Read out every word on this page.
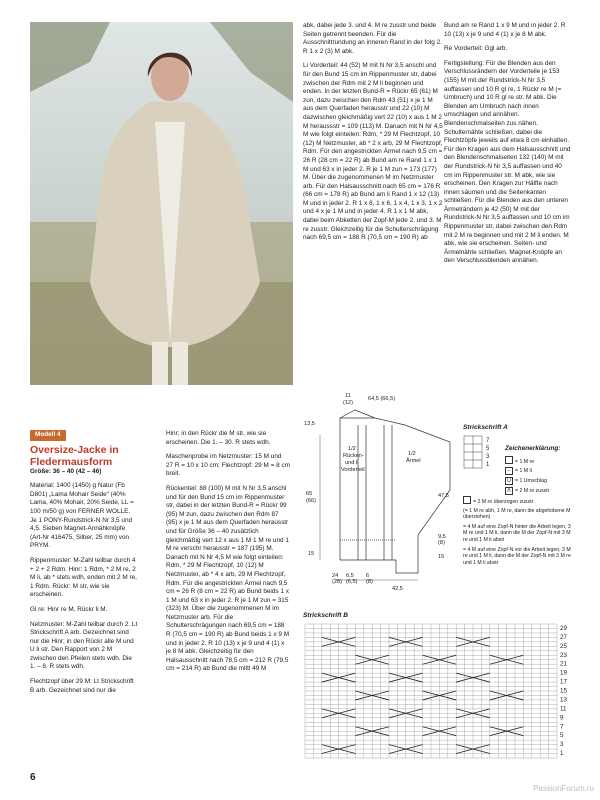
abk, dabei jede 3. und 4. M re zusstr und beide Seiten getrennt beenden. Für die Ausschnittrundung an inneren Rand in der folg 2. R 1 x 2 (3) M abk.

Li Vorderteil: 44 (52) M mit N Nr 3,5 anschl und für den Bund 15 cm im Rippenmuster str, dabei zwischen der Rdm mit 2 M li beginnen und enden. In der letzten Bund-R = Rückr 65 (61) M zun, dazu zwischen den Rdm 43 (51) x je 1 M aus dem Querfaden herausstr und 22 (10) M dazwischen gleichmäßig vert 22 (10) x aus 1 M 2 M heraussstr = 109 (113) M. Danach mit N Nr 4,5 M wie folgt einteilen: Rdm, * 29 M Flechtzopf, 10 (12) M Netzmuster, ab * 2 x arb, 29 M Flechtzopf, Rdm. Für den angestrickten Ärmel nach 9,5 cm = 26 R (28 cm = 22 R) ab Bund am re Rand 1 x 1 M und 63 x in jeder 2. R je 1 M zun = 173 (177) M. Über die zugenommenen M im Netzmuster arb. Für den Halsausschnitt nach 65 cm = 176 R (66 cm = 178 R) ab Bund am li Rand 1 x 12 (13) M und in jeder 2. R 1 x 8, 1 x 6, 1 x 4, 1 x 3, 1 x 2 und 4 x je 1 M und in jeder 4. R 1 x 1 M abk, dabei beim Abketten der Zopf-M jede 2. und 3. M re zusstr. Gleichzeitig für die Schulterschrägung nach 69,5 cm = 188 R (70,5 cm = 190 R) ab

Bund am re Rand 1 x 9 M und in jeder 2. R 10 (13) x je 9 und 4 (1) x je 8 M abk.

Re Vorderteil: Ggl arb.

Fertigstellung: Für die Blenden aus den Verschlussrändern der Vorderteile je 153 (155) M mit der Rundstrick-N Nr 3,5 auffassen und 10 R gl re, 1 Rückr re M (= Umbruch) und 10 R gl re str. M abk. Die Blenden am Umbruch nach innen umschlagen und annähen. Blendenschmalseiten zus nähen. Schulternähte schließen, dabei die Flechtzöpfe jeweils auf etwa 8 cm einhalten. Für den Kragen aus dem Halsausschnitt und den Blendenschmalseiten 132 (140) M mit der Rundstrick-N Nr 3,5 auffassen und 40 cm im Rippenmuster str. M abk, wie sie erscheinen. Den Kragen zur Hälfte nach innen säumen und die Seitenkanten schließen. Für die Blenden aus den unteren Ärmelrändern je 42 (50) M mit der Rundstrick-N Nr 3,5 auffassen und 10 cm im Rippenmuster str, dabei zwischen den Rdm mit 2 M re beginnen und mit 2 M li enden. M abk, wie sie erscheinen. Seiten- und Ärmelnähte schließen. Magnet-Knöpfe an den Verschlussblenden annähen.

Modell 4
Oversize-Jacke in
Fledermausform

Größe: 36 – 40 (42 – 46)

Material: 1400 (1450) g Natur (Fb D801) „Lama Mohair Seide“ (40% Lama, 40% Mohair, 20% Seide, LL = 100 m/50 g) von FERNER WOLLE. Je 1 PONY-Rundstrick-N Nr 3,5 und 4,5. Sieben Magnet-Annähknöpfe (Art-Nr 416475, Silber, 25 mm) von PRYM.

Rippenmuster: M-Zahl teilbar durch 4 + 2 + 2 Rdm. Hinr: 1 Rdm, * 2 M re, 2 M li, ab * stets wdh, enden mit 2 M re, 1 Rdm. Rückr: M str, wie sie erscheinen.

Gl re: Hinr re M, Rückr li M.

Netzmuster: M-Zahl teilbar durch 2. Lt Strickschrift A arb. Gezeichnet sind nur die Hinr; in den Rückr alle M und U li str. Den Rapport von 2 M zwischen den Pfeilen stets wdh. Die 1. – 8. R stets wdh.

Flechtzopf über 29 M: Lt Strickschrift B arb. Gezeichnet sind nur die

Hinr; in den Rückr die M str, wie sie erscheinen. Die 1. – 30. R stets wdh.

Maschenprobe im Netzmuster: 15 M und 27 R = 10 x 10 cm; Flechtzopf: 29 M = 8 cm breit.

Rückenteil: 88 (100) M mit N Nr 3,5 anschl und für den Bund 15 cm im Rippenmuster str, dabei in der letzten Bund-R = Rückr 99 (95) M zun, dazu zwischen den Rdm 87 (95) x je 1 M aus dem Querfaden herausstr und für Größe 36 – 40 zusätzlich gleichmäßig vert 12 x aus 1 M 1 M re und 1 M re verschr herausstr = 187 (195) M. Danach mit N Nr 4,5 M wie folgt einteilen: Rdm, * 29 M Flechtzopf, 10 (12) M Netzmuster, ab * 4 x arb, 29 M Flechtzopf, Rdm. Für die angestrickten Ärmel nach 9,5 cm = 26 R (8 cm = 22 R) ab Bund beids 1 x 1 M und 63 x in jeder 2. R je 1 M zun = 315 (323) M. Über die zugenommenen M im Netzmuster arb. Für die Schulterschrägungen nach 69,5 cm = 188 R (70,5 cm = 190 R) ab Bund beids 1 x 9 M und in jeder 2. R 10 (13) x je 9 und 4 (1) x je 8 M abk. Gleichzeitig für den Halsausschnitt nach 78,5 cm = 212 R (79,5 cm = 214 R) ab Bund die mittl 49 M

11
(12)
64,5 (66,5)
13,5
1/2
Rücken-
und li
Vorderteil
65
(66)
1/2
Ärmel
47,5
15
9,5
(8)
15
24
(28)
6,5
(6,5)
6
(8)
42,5
Strickschrift A
7
5
3
1
Zeichenerklärung:
= 1 M re
– = 1 M li
U = 1 Umschlag
Λ = 2 M re zusstr
= 2 M re überzogen zusstr
(= 1 M re abh, 1 M re, dann die abgehobene M überziehen)
= 4 M auf eine Zopf-N hinter die Arbeit legen, 3 M re und 1 M li, dann die M der Zopf-N mit 3 M re und 1 M li abstr
= 4 M auf eine Zopf-N vor die Arbeit legen, 3 M re und 1 M li, dann die M der Zopf-N mit 3 M re und 1 M li abstr
Strickschrift B
29
27
25
23
21
19
17
15
13
11
9
7
5
3
1
6
PassionForum.ru
